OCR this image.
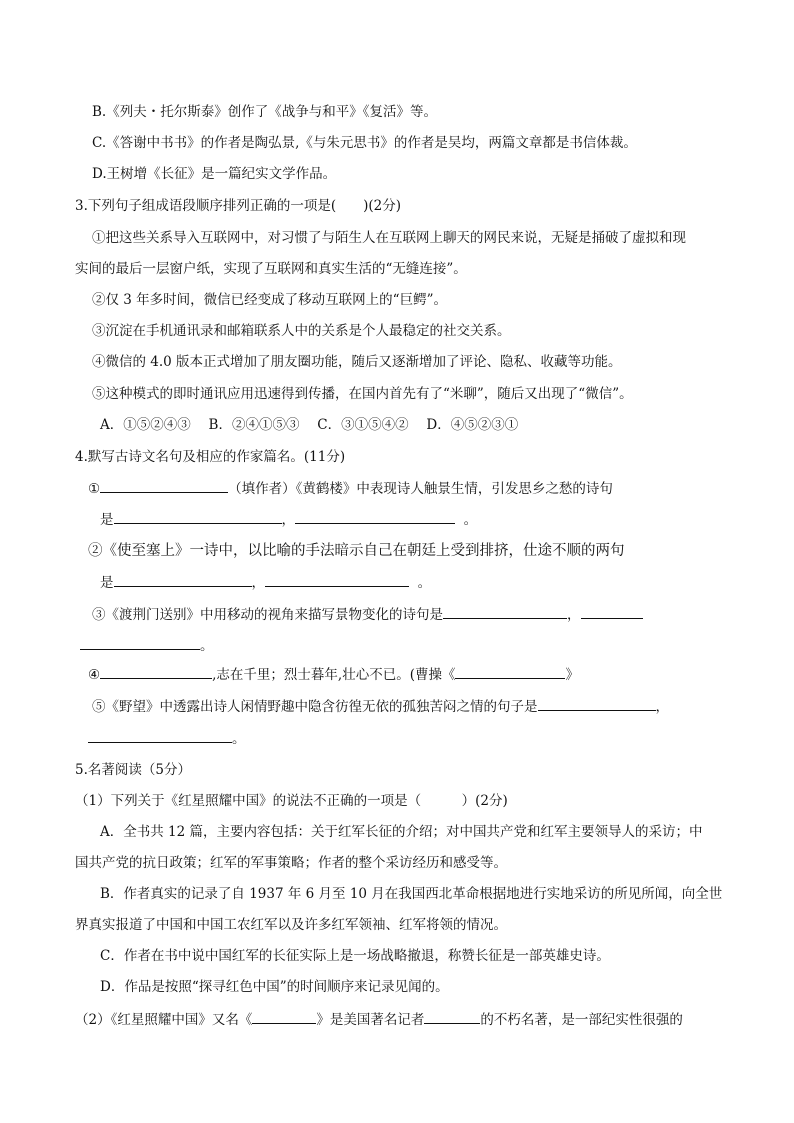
B.《列夫・托尔斯泰》创作了《战争与和平》《复活》等。
C.《答谢中书书》的作者是陶弘景,《与朱元思书》的作者是吴均，两篇文章都是书信体裁。
D.王树增《长征》是一篇纪实文学作品。
3.下列句子组成语段顺序排列正确的一项是(　　)(2分)
①把这些关系导入互联网中，对习惯了与陌生人在互联网上聊天的网民来说，无疑是捅破了虚拟和现
实间的最后一层窗户纸，实现了互联网和真实生活的“无缝连接”。
②仅 3 年多时间，微信已经变成了移动互联网上的“巨鳄”。
③沉淀在手机通讯录和邮箱联系人中的关系是个人最稳定的社交关系。
④微信的 4.0 版本正式增加了朋友圈功能，随后又逐渐增加了评论、隐私、收藏等功能。
⑤这种模式的即时通讯应用迅速得到传播，在国内首先有了“米聊”，随后又出现了“微信”。
A．①⑤②④③　 B．②④①⑤③　 C．③①⑤④②　 D．④⑤②③①
4.默写古诗文名句及相应的作家篇名。(11分)
①	（填作者）《黄鹤楼》中表现诗人触景生情，引发思乡之愁的诗句
是	，	。
②《使至塞上》一诗中，以比喻的手法暗示自己在朝廷上受到排挤，仕途不顺的两句
是	，	。
③《渡荆门送别》中用移动的视角来描写景物变化的诗句是	，
。
④	,志在千里；烈士暮年,壮心不已。(曹操《	》
⑤《野望》中透露出诗人闲情野趣中隐含彷徨无依的孤独苦闷之情的句子是	，
。
5.名著阅读（5分）
（1）下列关于《红星照耀中国》的说法不正确的一项是（　　　）(2分)
A．全书共 12 篇，主要内容包括：关于红军长征的介绍；对中国共产党和红军主要领导人的采访；中
国共产党的抗日政策；红军的军事策略；作者的整个采访经历和感受等。
B．作者真实的记录了自 1937 年 6 月至 10 月在我国西北革命根据地进行实地采访的所见所闻，向全世
界真实报道了中国和中国工农红军以及许多红军领袖、红军将领的情况。
C．作者在书中说中国红军的长征实际上是一场战略撤退，称赞长征是一部英雄史诗。
D．作品是按照“探寻红色中国”的时间顺序来记录见闻的。
（2）《红星照耀中国》又名《	》是美国著名记者	的不朽名著，是一部纪实性很强的
